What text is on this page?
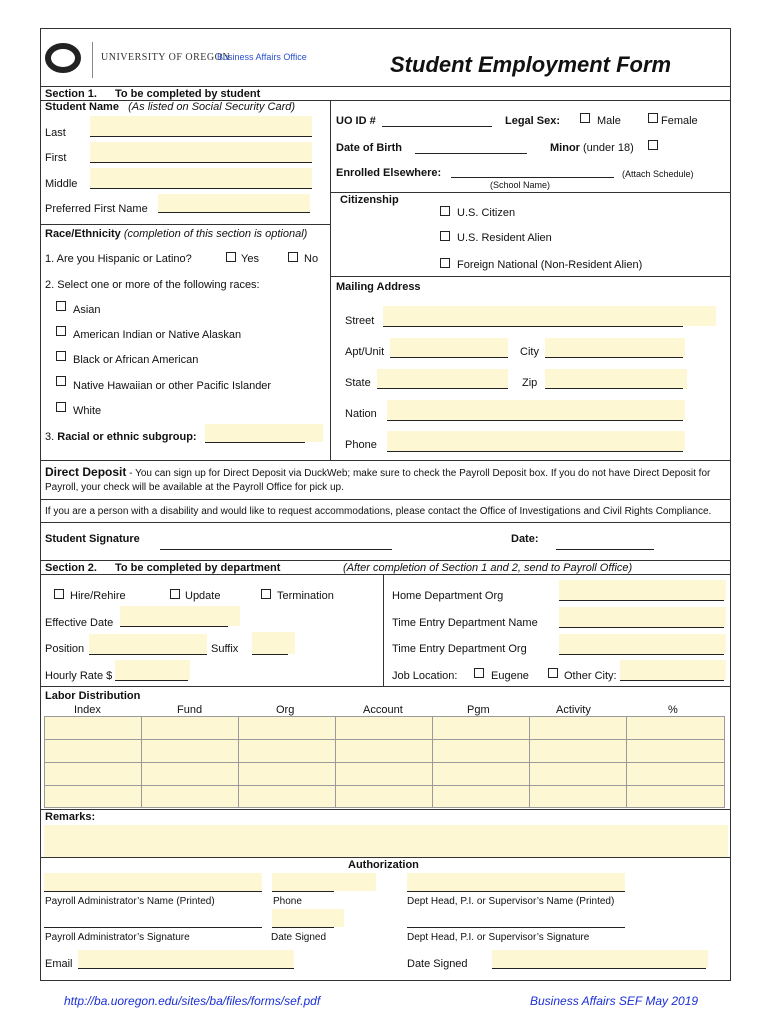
UNIVERSITY OF OREGON
Business Affairs Office	Student Employment Form
Section 1. To be completed by student
Student Name (As listed on Social Security Card)
Last
First
Middle
Preferred First Name
Race/Ethnicity (completion of this section is optional)
1. Are you Hispanic or Latino?	Yes	No
2. Select one or more of the following races:
Asian
American Indian or Native Alaskan
Black or African American
Native Hawaiian or other Pacific Islander
White
3. Racial or ethnic subgroup:
UO ID #	Legal Sex:	Male	Female
Date of Birth	Minor (under 18)
Enrolled Elsewhere:	(Attach Schedule)
(School Name)
Citizenship
U.S. Citizen
U.S. Resident Alien
Foreign National (Non-Resident Alien)
Mailing Address
Street
Apt/Unit	City
State	Zip
Nation
Phone
Direct Deposit - You can sign up for Direct Deposit via DuckWeb; make sure to check the Payroll Deposit box. If you do not have Direct Deposit for
Payroll, your check will be available at the Payroll Office for pick up.
If you are a person with a disability and would like to request accommodations, please contact the Office of Investigations and Civil Rights Compliance.
Student Signature	Date:
Section 2. To be completed by department	(After completion of Section 1 and 2, send to Payroll Office)
Hire/Rehire	Update	Termination	Home Department Org
Effective Date	Time Entry Department Name
Position	Suffix	Time Entry Department Org
Hourly Rate $	Job Location:	Eugene	Other City:
Labor Distribution
Index	Fund	Org	Account	Pgm	Activity	%
Remarks:
Authorization
Payroll Administrator’s Name (Printed)	Phone	Dept Head, P.I. or Supervisor’s Name (Printed)
Payroll Administrator’s Signature	Date Signed	Dept Head, P.I. or Supervisor’s Signature
Email	Date Signed
http://ba.uoregon.edu/sites/ba/files/forms/sef.pdf	Business Affairs SEF May 2019
